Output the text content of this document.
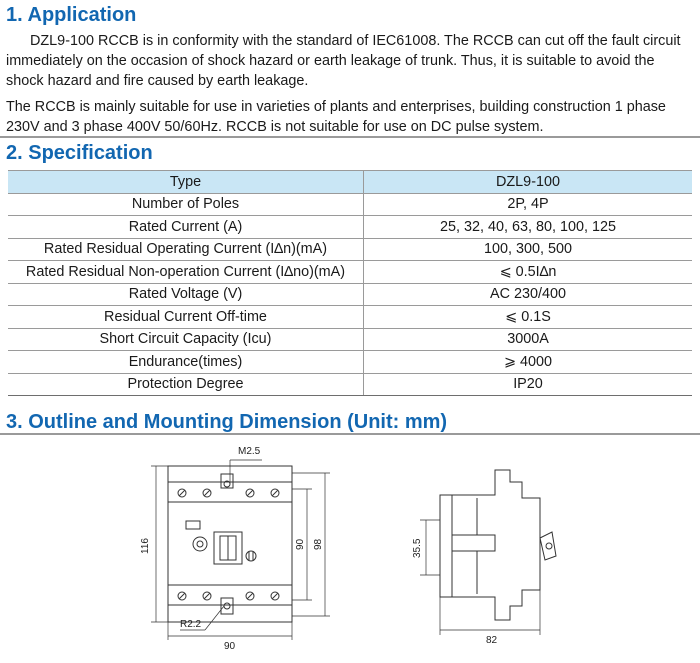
1. Application

DZL9-100 RCCB is in conformity with the standard of IEC61008. The RCCB can cut off the fault circuit immediately on the occasion of shock hazard or earth leakage of trunk. Thus, it is suitable to avoid the shock hazard and fire caused by earth leakage.

The RCCB is mainly suitable for use in varieties of plants and enterprises, building construction 1 phase 230V and 3 phase 400V 50/60Hz. RCCB is not suitable for use on DC pulse system.

2. Specification
Type	DZL9-100
Number of Poles	2P, 4P
Rated Current (A)	25, 32, 40, 63, 80, 100, 125
Rated Residual Operating Current (I∆n)(mA)	100, 300, 500
Rated Residual Non-operation Current (I∆no)(mA)	⩽ 0.5I∆n
Rated Voltage (V)	AC 230/400
Residual Current Off-time	⩽ 0.1S
Short Circuit Capacity (Icu)	3000A
Endurance(times)	⩾ 4000
Protection Degree	IP20
3. Outline and Mounting Dimension (Unit: mm)
M2.5
R2.2
90
116	90 98	35.5
82
